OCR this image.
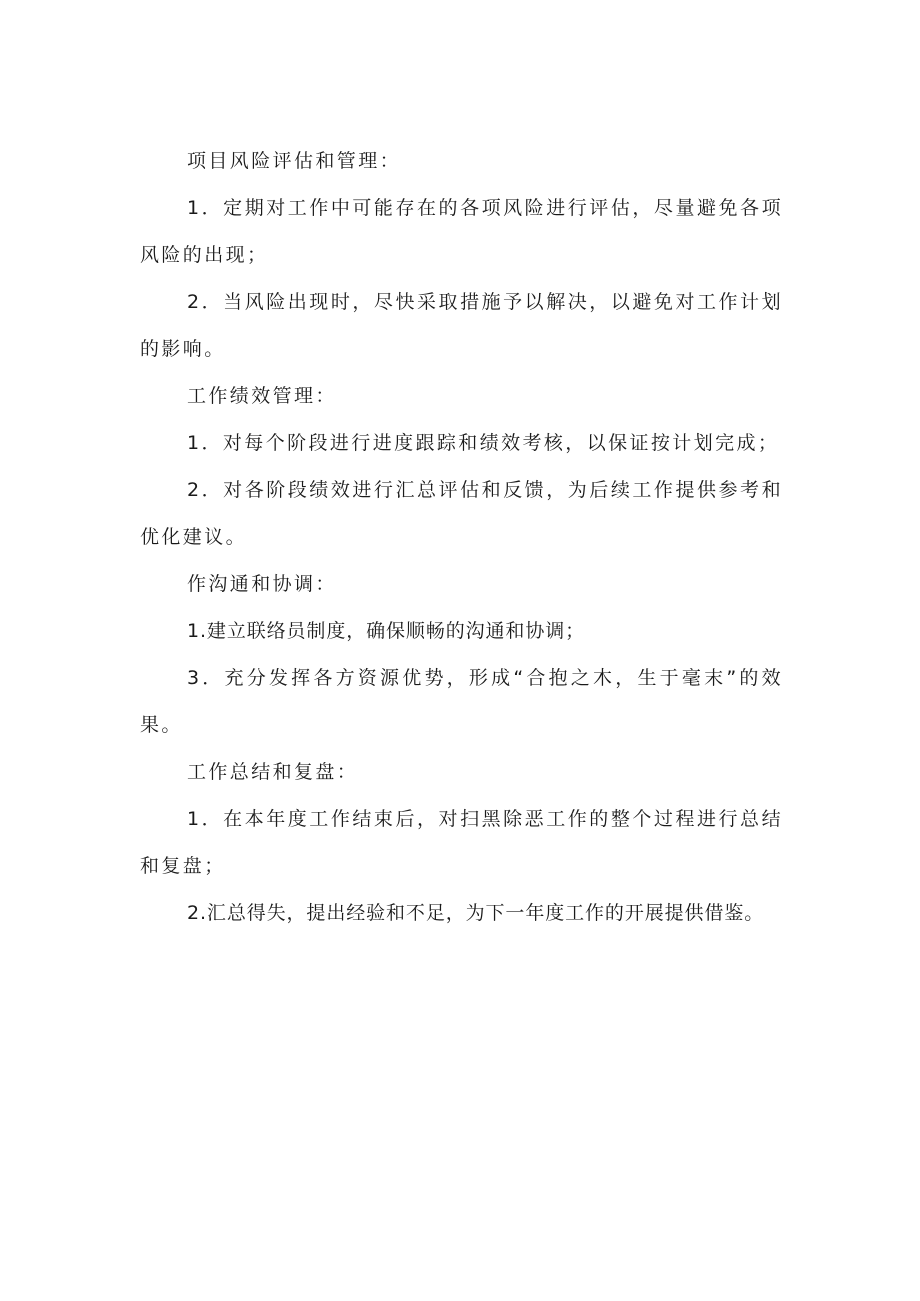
项目风险评估和管理：

1．定期对工作中可能存在的各项风险进行评估，尽量避免各项风险的出现；

2．当风险出现时，尽快采取措施予以解决，以避免对工作计划的影响。

工作绩效管理：

1．对每个阶段进行进度跟踪和绩效考核，以保证按计划完成；

2．对各阶段绩效进行汇总评估和反馈，为后续工作提供参考和优化建议。

作沟通和协调：

1.建立联络员制度，确保顺畅的沟通和协调；

3．充分发挥各方资源优势，形成“合抱之木，生于毫末”的效果。

工作总结和复盘：

1．在本年度工作结束后，对扫黑除恶工作的整个过程进行总结和复盘；

2.汇总得失，提出经验和不足，为下一年度工作的开展提供借鉴。
